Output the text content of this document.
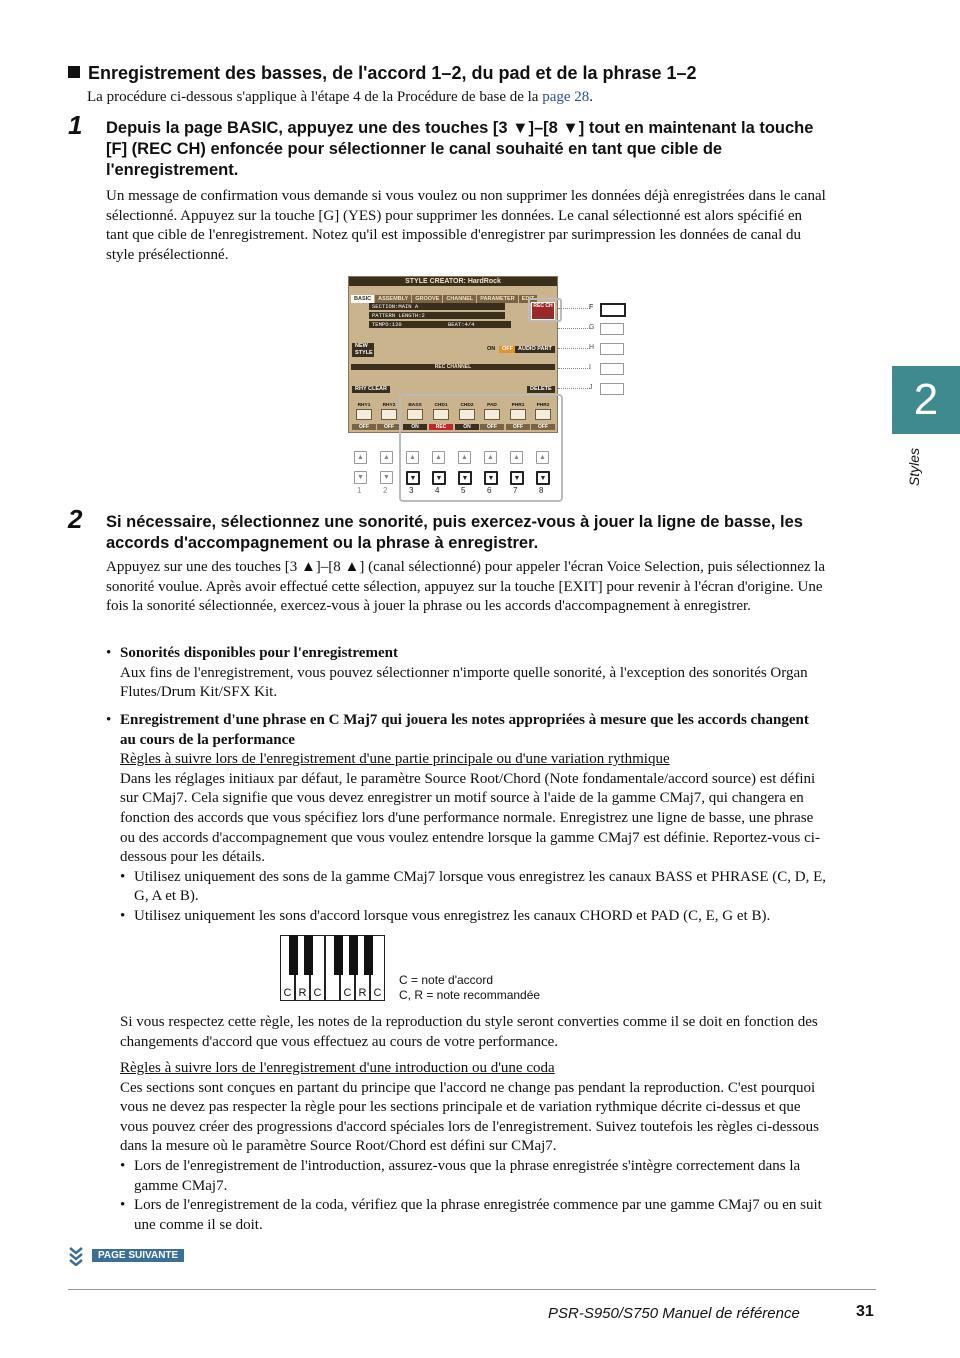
Enregistrement des basses, de l'accord 1–2, du pad et de la phrase 1–2
La procédure ci-dessous s'applique à l'étape 4 de la Procédure de base de la page 28.
1 Depuis la page BASIC, appuyez une des touches [3 ▼]–[8 ▼] tout en maintenant la touche [F] (REC CH) enfoncée pour sélectionner le canal souhaité en tant que cible de l'enregistrement.
Un message de confirmation vous demande si vous voulez ou non supprimer les données déjà enregistrées dans le canal sélectionné. Appuyez sur la touche [G] (YES) pour supprimer les données. Le canal sélectionné est alors spécifié en tant que cible de l'enregistrement. Notez qu'il est impossible d'enregistrer par surimpression les données de canal du style présélectionné.
STYLE CREATOR: HardRock
BASIC ASSEMBLY GROOVE CHANNEL PARAMETER EDIT
SECTION:MAIN A
PATTERN LENGTH:2
TEMPO:120	BEAT:4/4
REC CH
NEW STYLE
ON	OFF AUDIO PART
REC CHANNEL
RHY CLEAR	DELETE
RHY1
OFF
RHY2
OFF
BASS
ON
CHD1
REC
CHD2
ON
PAD
OFF
PHR1
OFF
PHR2
OFF
F
G
H
I
J
▲	▲	▲	▲	▲	▲	▲	▲
▼	▼	▼	▼	▼	▼	▼	▼
1	2	3	4	5	6	7	8
2 Si nécessaire, sélectionnez une sonorité, puis exercez-vous à jouer la ligne de basse, les accords d'accompagnement ou la phrase à enregistrer.
Appuyez sur une des touches [3 ▲]–[8 ▲] (canal sélectionné) pour appeler l'écran Voice Selection, puis sélectionnez la sonorité voulue. Après avoir effectué cette sélection, appuyez sur la touche [EXIT] pour revenir à l'écran d'origine. Une fois la sonorité sélectionnée, exercez-vous à jouer la phrase ou les accords d'accompagnement à enregistrer.
• Sonorités disponibles pour l'enregistrement
Aux fins de l'enregistrement, vous pouvez sélectionner n'importe quelle sonorité, à l'exception des sonorités Organ Flutes/Drum Kit/SFX Kit.
• Enregistrement d'une phrase en C Maj7 qui jouera les notes appropriées à mesure que les accords changent au cours de la performance
Règles à suivre lors de l'enregistrement d'une partie principale ou d'une variation rythmique
Dans les réglages initiaux par défaut, le paramètre Source Root/Chord (Note fondamentale/accord source) est défini sur CMaj7. Cela signifie que vous devez enregistrer un motif source à l'aide de la gamme CMaj7, qui changera en fonction des accords que vous spécifiez lors d'une performance normale. Enregistrez une ligne de basse, une phrase ou des accords d'accompagnement que vous voulez entendre lorsque la gamme CMaj7 est définie. Reportez-vous ci-dessous pour les détails.
• Utilisez uniquement des sons de la gamme CMaj7 lorsque vous enregistrez les canaux BASS et PHRASE (C, D, E, G, A et B).
• Utilisez uniquement les sons d'accord lorsque vous enregistrez les canaux CHORD et PAD (C, E, G et B).
C R C C R C
C = note d'accord
C, R = note recommandée
Si vous respectez cette règle, les notes de la reproduction du style seront converties comme il se doit en fonction des changements d'accord que vous effectuez au cours de votre performance.
Règles à suivre lors de l'enregistrement d'une introduction ou d'une coda
Ces sections sont conçues en partant du principe que l'accord ne change pas pendant la reproduction. C'est pourquoi vous ne devez pas respecter la règle pour les sections principale et de variation rythmique décrite ci-dessus et que vous pouvez créer des progressions d'accord spéciales lors de l'enregistrement. Suivez toutefois les règles ci-dessous dans la mesure où le paramètre Source Root/Chord est défini sur CMaj7.
• Lors de l'enregistrement de l'introduction, assurez-vous que la phrase enregistrée s'intègre correctement dans la gamme CMaj7.
• Lors de l'enregistrement de la coda, vérifiez que la phrase enregistrée commence par une gamme CMaj7 ou en suit une comme il se doit.
PAGE SUIVANTE
2
Styles
PSR-S950/S750 Manuel de référence	31
